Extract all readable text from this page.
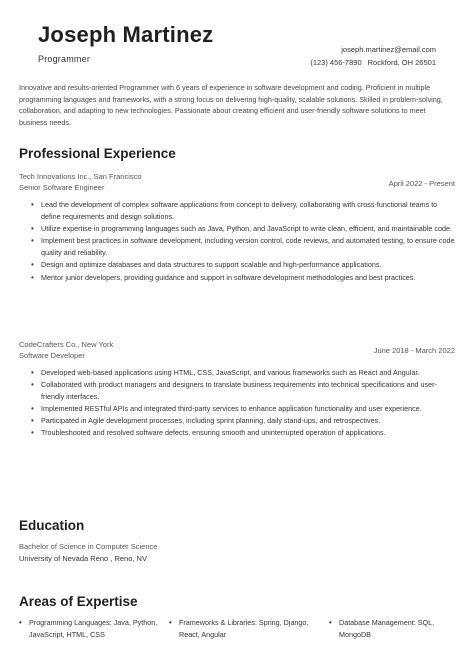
Joseph Martinez
Programmer
joseph.martinez@email.com
(123) 456-7890 Rockford, OH 26501
Innovative and results-oriented Programmer with 6 years of experience in software development and coding. Proficient in multiple programming languages and frameworks, with a strong focus on delivering high-quality, scalable solutions. Skilled in problem-solving, collaboration, and adapting to new technologies. Passionate about creating efficient and user-friendly software solutions to meet business needs.
Professional Experience
Tech Innovations Inc., San Francisco
Senior Software Engineer	April 2022 - Present
• Lead the development of complex software applications from concept to delivery, collaborating with cross-functional teams to define requirements and design solutions.
• Utilize expertise in programming languages such as Java, Python, and JavaScript to write clean, efficient, and maintainable code.
• Implement best practices in software development, including version control, code reviews, and automated testing, to ensure code quality and reliability.
• Design and optimize databases and data structures to support scalable and high-performance applications.
• Mentor junior developers, providing guidance and support in software development methodologies and best practices.
CodeCrafters Co., New York
Software Developer
June 2018 - March 2022
• Developed web-based applications using HTML, CSS, JavaScript, and various frameworks such as React and Angular.
• Collaborated with product managers and designers to translate business requirements into technical specifications and user-friendly interfaces.
• Implemented RESTful APIs and integrated third-party services to enhance application functionality and user experience.
• Participated in Agile development processes, including sprint planning, daily stand-ups, and retrospectives.
• Troubleshooted and resolved software defects, ensuring smooth and uninterrupted operation of applications.
Education
Bachelor of Science in Computer Science
University of Nevada Reno , Reno, NV
Areas of Expertise
• Programming Languages: Java, Python, JavaScript, HTML, CSS
• Frameworks & Libraries: Spring, Django, React, Angular
• Database Management: SQL, MongoDB
